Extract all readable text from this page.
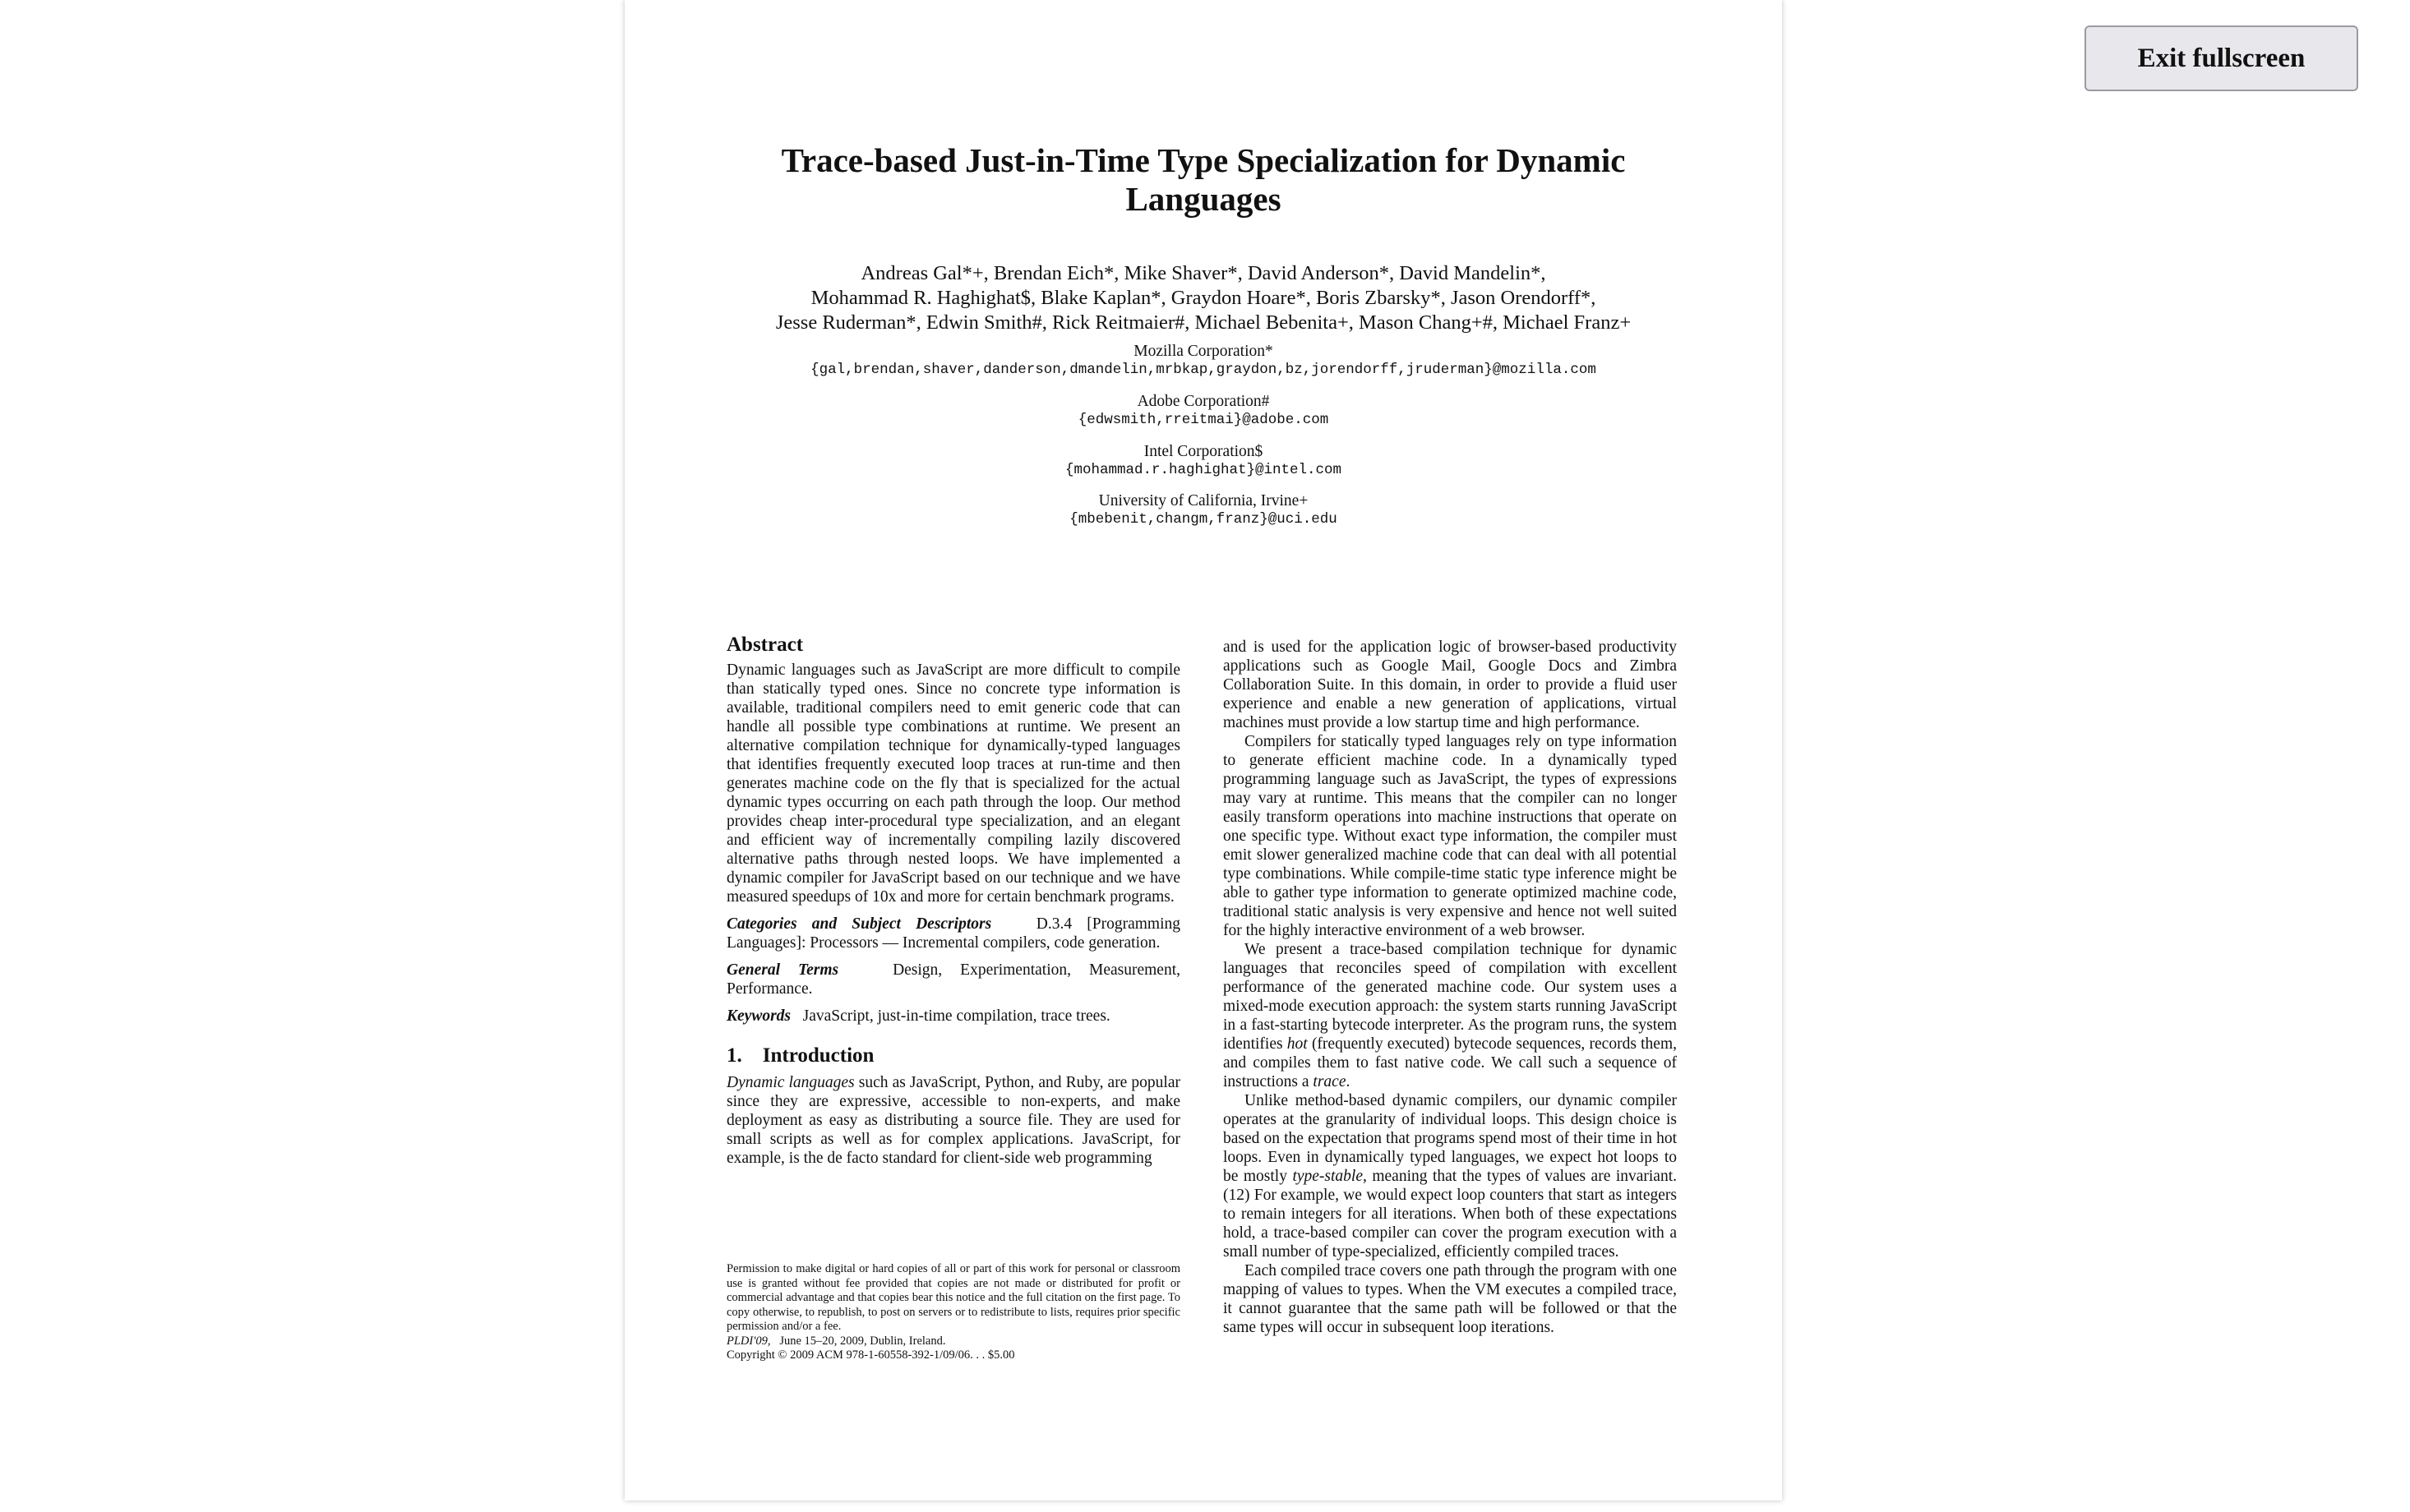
Exit fullscreen
Trace-based Just-in-Time Type Specialization for Dynamic
Languages
Andreas Gal*+, Brendan Eich*, Mike Shaver*, David Anderson*, David Mandelin*,
Mohammad R. Haghighat$, Blake Kaplan*, Graydon Hoare*, Boris Zbarsky*, Jason Orendorff*,
Jesse Ruderman*, Edwin Smith#, Rick Reitmaier#, Michael Bebenita+, Mason Chang+#, Michael Franz+
Mozilla Corporation*
{gal,brendan,shaver,danderson,dmandelin,mrbkap,graydon,bz,jorendorff,jruderman}@mozilla.com
Adobe Corporation#
{edwsmith,rreitmai}@adobe.com
Intel Corporation$
{mohammad.r.haghighat}@intel.com
University of California, Irvine+
{mbebenit,changm,franz}@uci.edu
Abstract

Dynamic languages such as JavaScript are more difficult to compile than statically typed ones. Since no concrete type information is available, traditional compilers need to emit generic code that can handle all possible type combinations at runtime. We present an alternative compilation technique for dynamically-typed languages that identifies frequently executed loop traces at run-time and then generates machine code on the fly that is specialized for the actual dynamic types occurring on each path through the loop. Our method provides cheap inter-procedural type specialization, and an elegant and efficient way of incrementally compiling lazily discovered alternative paths through nested loops. We have implemented a dynamic compiler for JavaScript based on our technique and we have measured speedups of 10x and more for certain benchmark programs.

Categories and Subject Descriptors	D.3.4 [Programming Languages]: Processors — Incremental compilers, code generation.

General Terms	Design, Experimentation, Measurement, Performance.

Keywords JavaScript, just-in-time compilation, trace trees.

1.    Introduction

Dynamic languages such as JavaScript, Python, and Ruby, are popular since they are expressive, accessible to non-experts, and make deployment as easy as distributing a source file. They are used for small scripts as well as for complex applications. JavaScript, for example, is the de facto standard for client-side web programming

Permission to make digital or hard copies of all or part of this work for personal or classroom use is granted without fee provided that copies are not made or distributed for profit or commercial advantage and that copies bear this notice and the full citation on the first page. To copy otherwise, to republish, to post on servers or to redistribute to lists, requires prior specific permission and/or a fee.

PLDI'09, June 15–20, 2009, Dublin, Ireland.

Copyright © 2009 ACM 978-1-60558-392-1/09/06. . . $5.00

and is used for the application logic of browser-based productivity applications such as Google Mail, Google Docs and Zimbra Collaboration Suite. In this domain, in order to provide a fluid user experience and enable a new generation of applications, virtual machines must provide a low startup time and high performance.

Compilers for statically typed languages rely on type information to generate efficient machine code. In a dynamically typed programming language such as JavaScript, the types of expressions may vary at runtime. This means that the compiler can no longer easily transform operations into machine instructions that operate on one specific type. Without exact type information, the compiler must emit slower generalized machine code that can deal with all potential type combinations. While compile-time static type inference might be able to gather type information to generate optimized machine code, traditional static analysis is very expensive and hence not well suited for the highly interactive environment of a web browser.

We present a trace-based compilation technique for dynamic languages that reconciles speed of compilation with excellent performance of the generated machine code. Our system uses a mixed-mode execution approach: the system starts running JavaScript in a fast-starting bytecode interpreter. As the program runs, the system identifies hot (frequently executed) bytecode sequences, records them, and compiles them to fast native code. We call such a sequence of instructions a trace.

Unlike method-based dynamic compilers, our dynamic compiler operates at the granularity of individual loops. This design choice is based on the expectation that programs spend most of their time in hot loops. Even in dynamically typed languages, we expect hot loops to be mostly type-stable, meaning that the types of values are invariant. (12) For example, we would expect loop counters that start as integers to remain integers for all iterations. When both of these expectations hold, a trace-based compiler can cover the program execution with a small number of type-specialized, efficiently compiled traces.

Each compiled trace covers one path through the program with one mapping of values to types. When the VM executes a compiled trace, it cannot guarantee that the same path will be followed or that the same types will occur in subsequent loop iterations.
